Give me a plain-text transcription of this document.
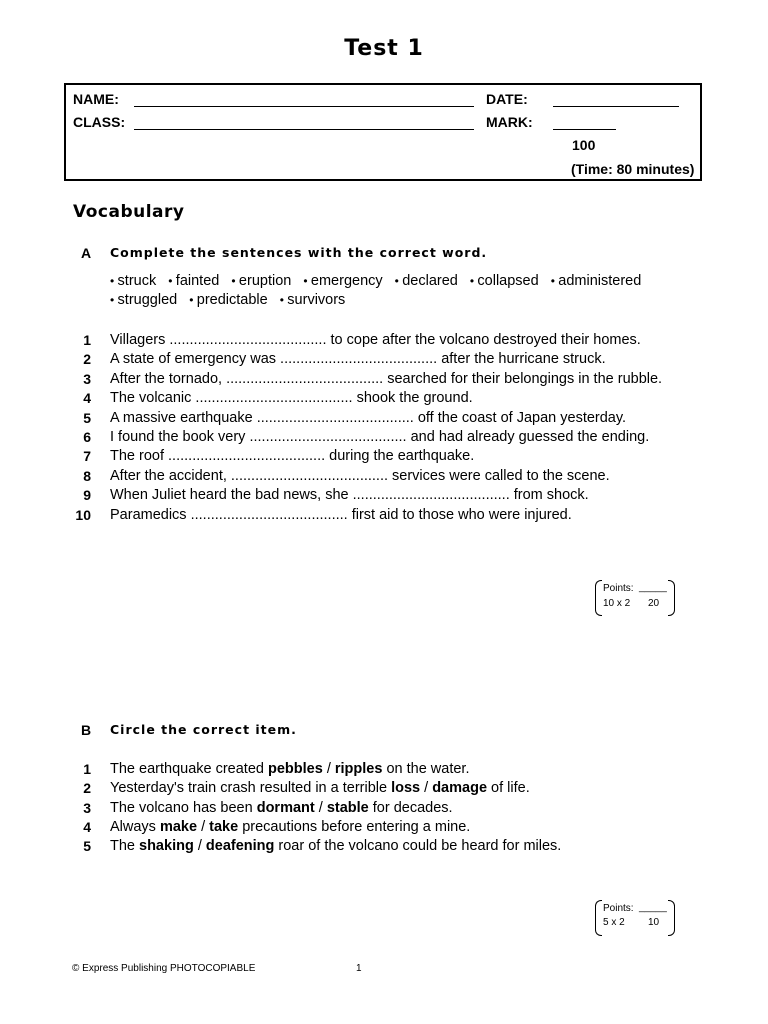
Test 1
NAME:	DATE:
CLASS:	MARK:
100
(Time: 80 minutes)
Vocabulary
A Complete the sentences with the correct word.
• struck • fainted • eruption • emergency • declared • collapsed • administered
• struggled • predictable • survivors
1 Villagers ....................................... to cope after the volcano destroyed their homes.
2 A state of emergency was ....................................... after the hurricane struck.
3 After the tornado, ....................................... searched for their belongings in the rubble.
4 The volcanic ....................................... shook the ground.
5 A massive earthquake ....................................... off the coast of Japan yesterday.
6 I found the book very ....................................... and had already guessed the ending.
7 The roof ....................................... during the earthquake.
8 After the accident, ....................................... services were called to the scene.
9 When Juliet heard the bad news, she ....................................... from shock.
10 Paramedics ....................................... first aid to those who were injured.
Points: _____
10 x 2 20
B Circle the correct item.
1 The earthquake created pebbles / ripples on the water.
2 Yesterday's train crash resulted in a terrible loss / damage of life.
3 The volcano has been dormant / stable for decades.
4 Always make / take precautions before entering a mine.
5 The shaking / deafening roar of the volcano could be heard for miles.
Points: _____
5 x 2 10
© Express Publishing PHOTOCOPIABLE	1
